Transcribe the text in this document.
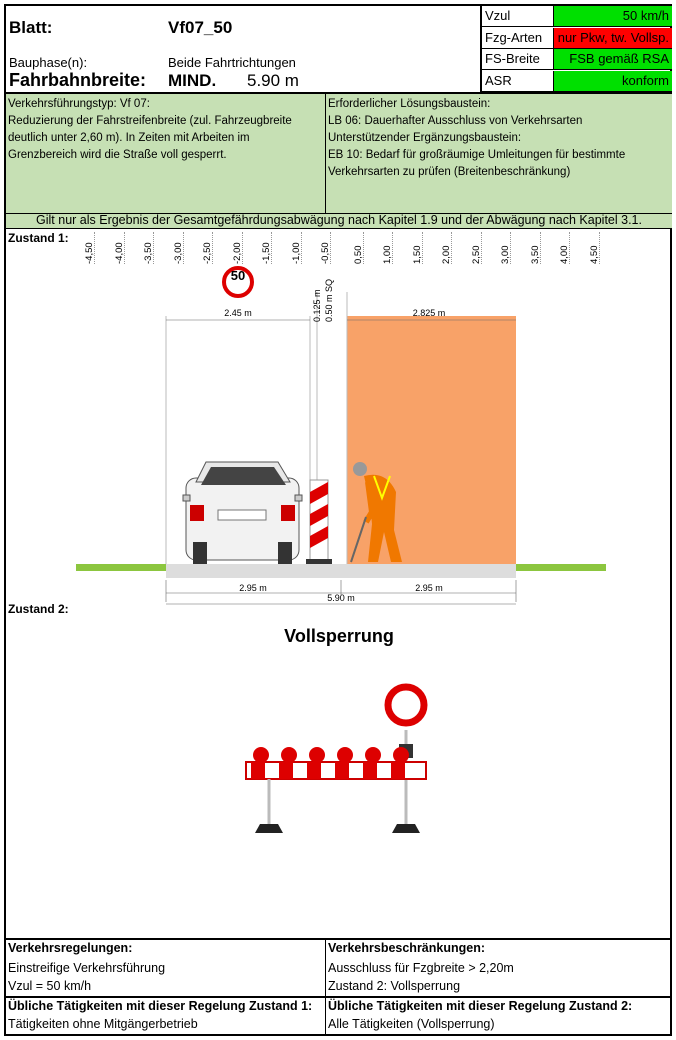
Blatt:	Vf07_50
Bauphase(n):	Beide Fahrtrichtungen
Fahrbahnbreite: MIND. 5.90 m
Vzul	50 km/h
Fzg-Arten	nur Pkw, tw. Vollsp.
FS-Breite	FSB gemäß RSA
ASR	konform
Verkehrsführungstyp: Vf 07:
Reduzierung der Fahrstreifenbreite (zul. Fahrzeugbreite
deutlich unter 2,60 m). In Zeiten mit Arbeiten im
Grenzbereich wird die Straße voll gesperrt.
Erforderlicher Lösungsbaustein:
LB 06: Dauerhafter Ausschluss von Verkehrsarten
Unterstützender Ergänzungsbaustein:
EB 10: Bedarf für großräumige Umleitungen für bestimmte
Verkehrsarten zu prüfen (Breitenbeschränkung)
Gilt nur als Ergebnis der Gesamtgefährdungsabwägung nach Kapitel 1.9 und der Abwägung nach Kapitel 3.1.
Zustand 1:
-4,50 -4,00 -3,50 -3,00 -2,50 -2,00 -1,50 -1,00 -0,50 0,50 1,00 1,50 2,00 2,50 3,00 3,50 4,00 4,50
50
2.45 m	2.825 m
0.125 m 0.50 m SQ
2.95 m	2.95 m
5.90 m
Zustand 2:
Vollsperrung
Verkehrsregelungen:
Einstreifige Verkehrsführung
Vzul = 50 km/h
Verkehrsbeschränkungen:
Ausschluss für Fzgbreite > 2,20m
Zustand 2: Vollsperrung
Übliche Tätigkeiten mit dieser Regelung Zustand 1:
Tätigkeiten ohne Mitgängerbetrieb
Übliche Tätigkeiten mit dieser Regelung Zustand 2:
Alle Tätigkeiten (Vollsperrung)
